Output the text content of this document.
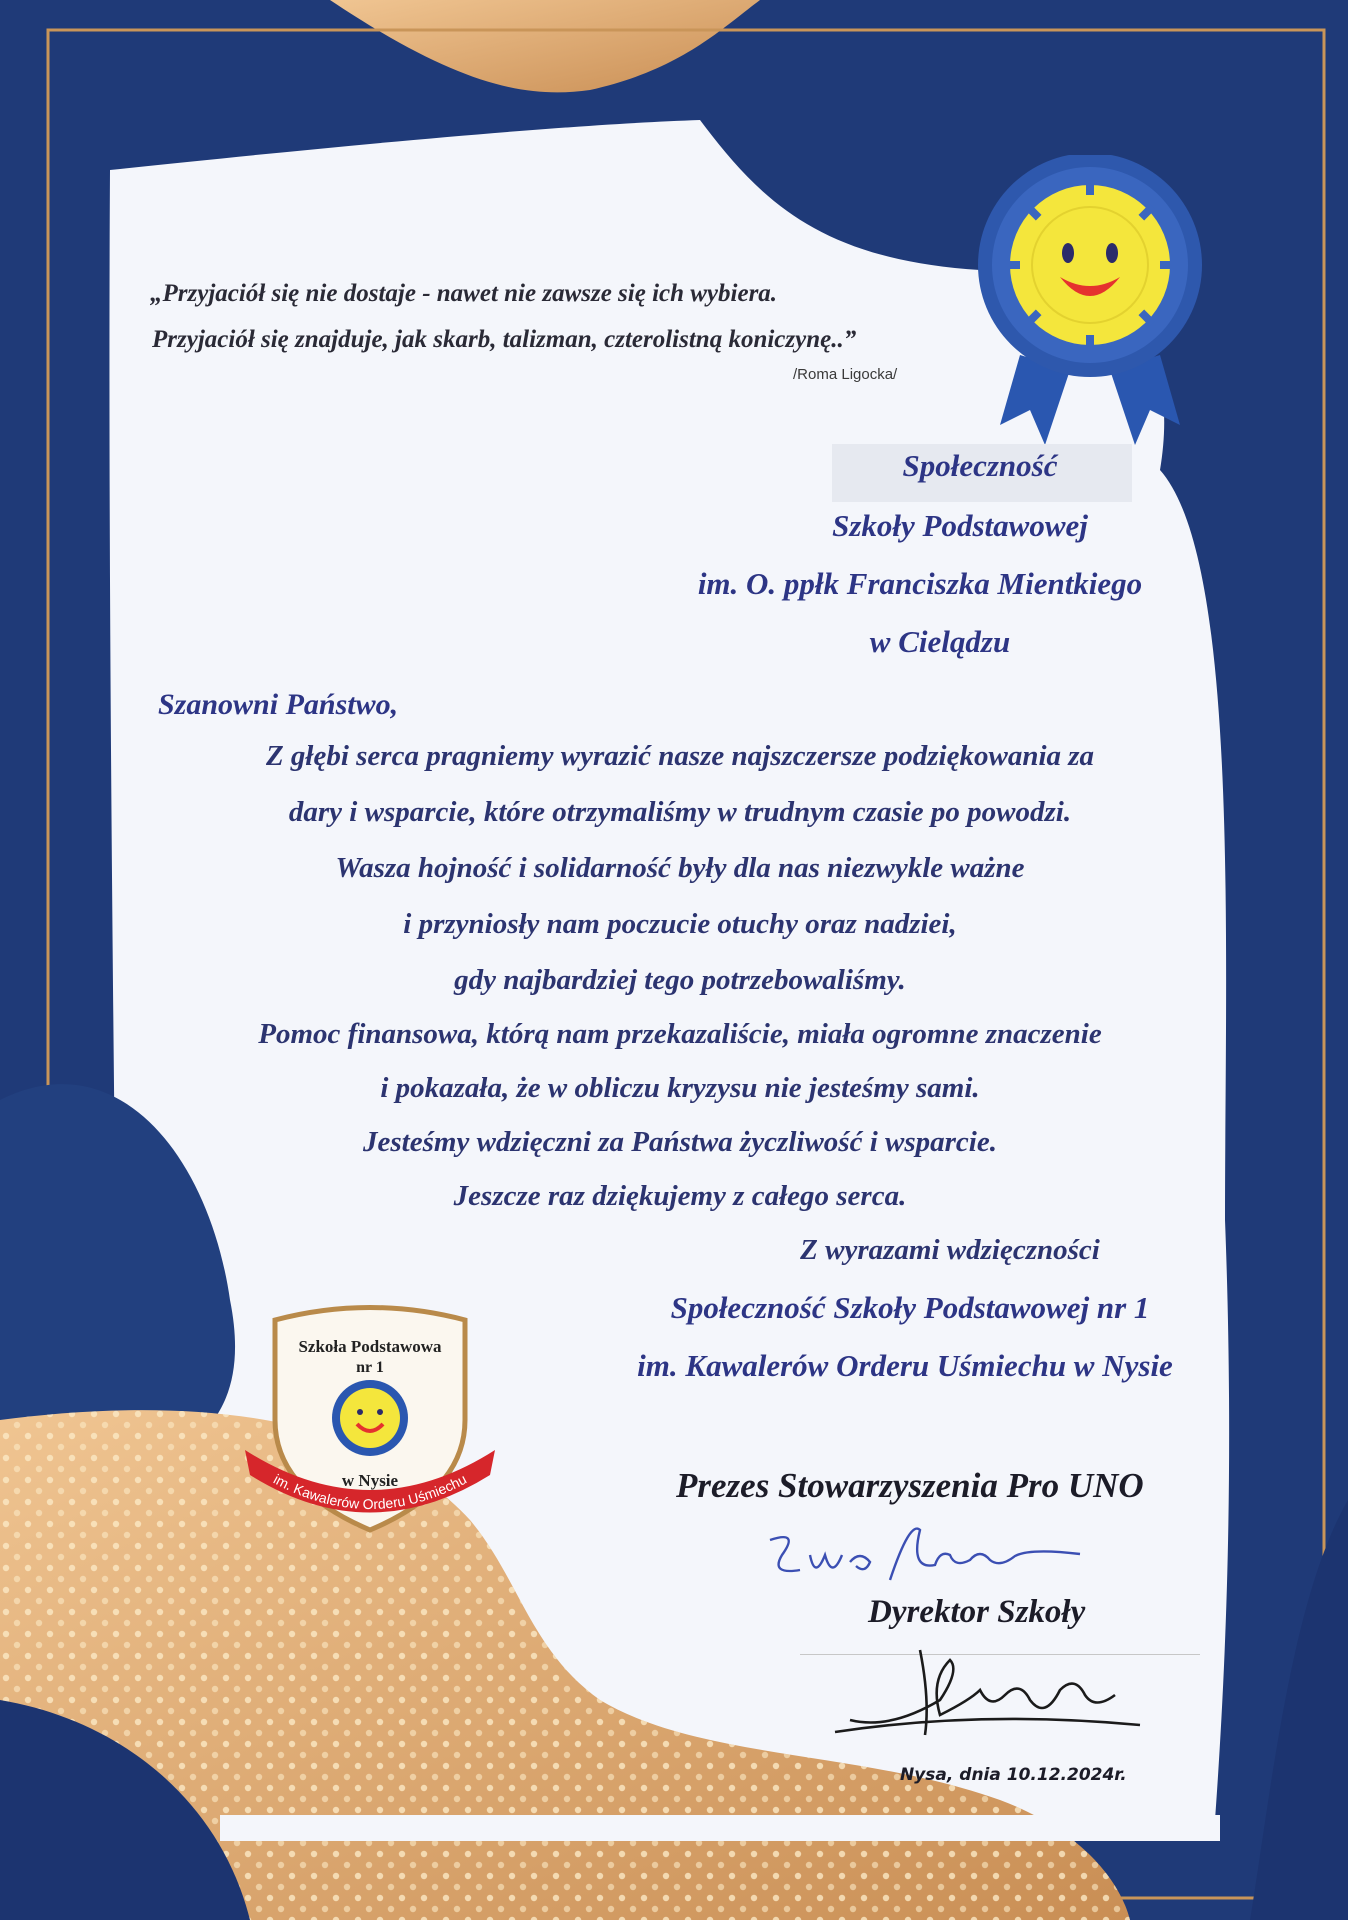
„Przyjaciół się nie dostaje - nawet nie zawsze się ich wybiera.

Przyjaciół się znajduje, jak skarb, talizman, czterolistną koniczynę..”

/Roma Ligocka/

Społeczność

Szkoły Podstawowej

im. O. ppłk Franciszka Mientkiego

w Cielądzu

Szanowni Państwo,

Z głębi serca pragniemy wyrazić nasze najszczersze podziękowania za

dary i wsparcie, które otrzymaliśmy w trudnym czasie po powodzi.

Wasza hojność i solidarność były dla nas niezwykle ważne

i przyniosły nam poczucie otuchy oraz nadziei,

gdy najbardziej tego potrzebowaliśmy.

Pomoc finansowa, którą nam przekazaliście, miała ogromne znaczenie

i pokazała, że w obliczu kryzysu nie jesteśmy sami.

Jesteśmy wdzięczni za Państwa życzliwość i wsparcie.

Jeszcze raz dziękujemy z całego serca.

Z wyrazami wdzięczności

Społeczność Szkoły Podstawowej nr 1

im. Kawalerów Orderu Uśmiechu w Nysie

Szkoła Podstawowa
nr 1
w Nysie
im. Kawalerów Orderu Uśmiechu	Prezes Stowarzyszenia Pro UNO

Dyrektor Szkoły

Nysa, dnia 10.12.2024r.
